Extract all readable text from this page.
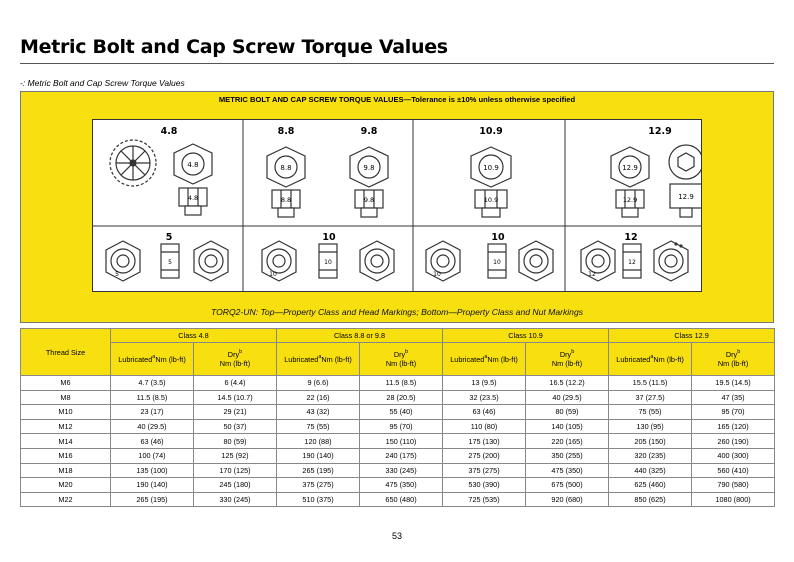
Metric Bolt and Cap Screw Torque Values
-: Metric Bolt and Cap Screw Torque Values
METRIC BOLT AND CAP SCREW TORQUE VALUES—Tolerance is ±10% unless otherwise specified
4.8	8.8	9.8	10.9	12.9
4.8
4.8
8.8
8.8
9.8
9.8
10.9
10.9
12.9
12.9	12.9
5	10	10	12
5
5
10
10
10
10
12
12
TORQ2-UN: Top—Property Class and Head Markings; Bottom—Property Class and Nut Markings
Thread Size	Class 4.8		Class 8.8 or 9.8		Class 10.9		Class 12.9	
	Lubricated$^a$Nm (lb-ft)	Dry$^b$
Nm (lb-ft)	Lubricated$^a$Nm (lb-ft)	Dry$^b$
Nm (lb-ft)	Lubricated$^a$Nm (lb-ft)	Dry$^b$
Nm (lb-ft)	Lubricated$^a$Nm (lb-ft)	Dry$^b$
Nm (lb-ft)
M6	4.7 (3.5)	6 (4.4)	9 (6.6)	11.5 (8.5)	13 (9.5)	16.5 (12.2)	15.5 (11.5)	19.5 (14.5)
M8	11.5 (8.5)	14.5 (10.7)	22 (16)	28 (20.5)	32 (23.5)	40 (29.5)	37 (27.5)	47 (35)
M10	23 (17)	29 (21)	43 (32)	55 (40)	63 (46)	80 (59)	75 (55)	95 (70)
M12	40 (29.5)	50 (37)	75 (55)	95 (70)	110 (80)	140 (105)	130 (95)	165 (120)
M14	63 (46)	80 (59)	120 (88)	150 (110)	175 (130)	220 (165)	205 (150)	260 (190)
M16	100 (74)	125 (92)	190 (140)	240 (175)	275 (200)	350 (255)	320 (235)	400 (300)
M18	135 (100)	170 (125)	265 (195)	330 (245)	375 (275)	475 (350)	440 (325)	560 (410)
M20	190 (140)	245 (180)	375 (275)	475 (350)	530 (390)	675 (500)	625 (460)	790 (580)
M22	265 (195)	330 (245)	510 (375)	650 (480)	725 (535)	920 (680)	850 (625)	1080 (800)
53
